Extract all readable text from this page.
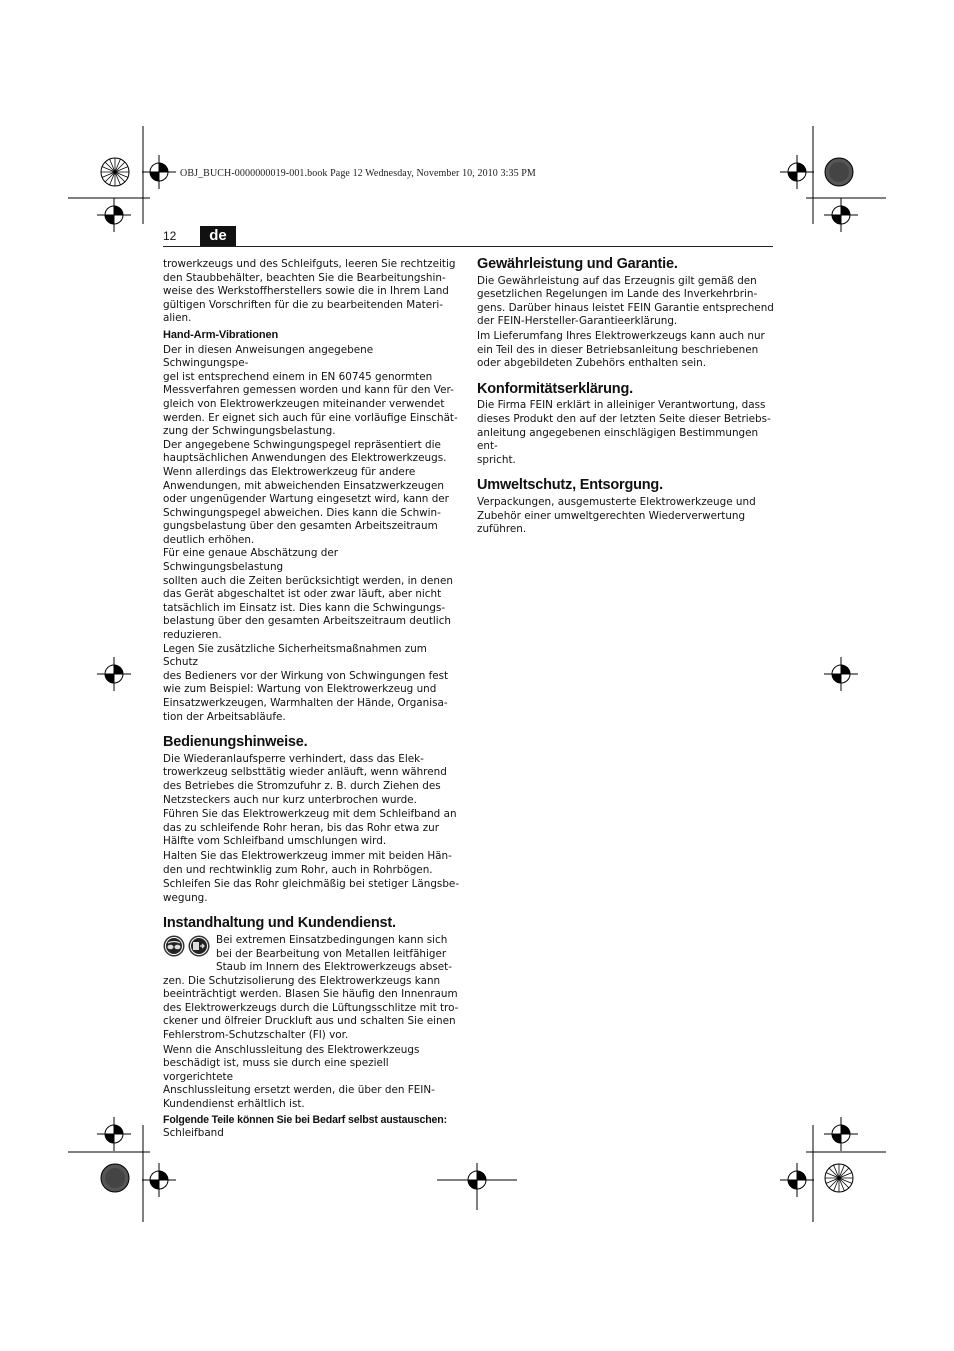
OBJ_BUCH-0000000019-001.book Page 12 Wednesday, November 10, 2010 3:35 PM
12	de

trowerkzeugs und des Schleifguts, leeren Sie rechtzeitig
den Staubbehälter, beachten Sie die Bearbeitungshin-
weise des Werkstoffherstellers sowie die in Ihrem Land
gültigen Vorschriften für die zu bearbeitenden Materi-
alien.

Hand-Arm-Vibrationen

Der in diesen Anweisungen angegebene Schwingungspe-
gel ist entsprechend einem in EN 60745 genormten
Messverfahren gemessen worden und kann für den Ver-
gleich von Elektrowerkzeugen miteinander verwendet
werden. Er eignet sich auch für eine vorläufige Einschät-
zung der Schwingungsbelastung.

Der angegebene Schwingungspegel repräsentiert die
hauptsächlichen Anwendungen des Elektrowerkzeugs.
Wenn allerdings das Elektrowerkzeug für andere
Anwendungen, mit abweichenden Einsatzwerkzeugen
oder ungenügender Wartung eingesetzt wird, kann der
Schwingungspegel abweichen. Dies kann die Schwin-
gungsbelastung über den gesamten Arbeitszeitraum
deutlich erhöhen.

Für eine genaue Abschätzung der Schwingungsbelastung
sollten auch die Zeiten berücksichtigt werden, in denen
das Gerät abgeschaltet ist oder zwar läuft, aber nicht
tatsächlich im Einsatz ist. Dies kann die Schwingungs-
belastung über den gesamten Arbeitszeitraum deutlich
reduzieren.

Legen Sie zusätzliche Sicherheitsmaßnahmen zum Schutz
des Bedieners vor der Wirkung von Schwingungen fest
wie zum Beispiel: Wartung von Elektrowerkzeug und
Einsatzwerkzeugen, Warmhalten der Hände, Organisa-
tion der Arbeitsabläufe.

Bedienungshinweise.

Die Wiederanlaufsperre verhindert, dass das Elek-
trowerkzeug selbsttätig wieder anläuft, wenn während
des Betriebes die Stromzufuhr z. B. durch Ziehen des
Netzsteckers auch nur kurz unterbrochen wurde.

Führen Sie das Elektrowerkzeug mit dem Schleifband an
das zu schleifende Rohr heran, bis das Rohr etwa zur
Hälfte vom Schleifband umschlungen wird.

Halten Sie das Elektrowerkzeug immer mit beiden Hän-
den und rechtwinklig zum Rohr, auch in Rohrbögen.

Schleifen Sie das Rohr gleichmäßig bei stetiger Längsbe-
wegung.

Instandhaltung und Kundendienst.

Bei extremen Einsatzbedingungen kann sich
bei der Bearbeitung von Metallen leitfähiger
Staub im Innern des Elektrowerkzeugs abset-

zen. Die Schutzisolierung des Elektrowerkzeugs kann
beeinträchtigt werden. Blasen Sie häufig den Innenraum
des Elektrowerkzeugs durch die Lüftungsschlitze mit tro-
ckener und ölfreier Druckluft aus und schalten Sie einen
Fehlerstrom-Schutzschalter (FI) vor.

Wenn die Anschlussleitung des Elektrowerkzeugs
beschädigt ist, muss sie durch eine speziell vorgerichtete
Anschlussleitung ersetzt werden, die über den FEIN-
Kundendienst erhältlich ist.

Folgende Teile können Sie bei Bedarf selbst austauschen:

Schleifband

Gewährleistung und Garantie.

Die Gewährleistung auf das Erzeugnis gilt gemäß den
gesetzlichen Regelungen im Lande des Inverkehrbrin-
gens. Darüber hinaus leistet FEIN Garantie entsprechend
der FEIN-Hersteller-Garantieerklärung.

Im Lieferumfang Ihres Elektrowerkzeugs kann auch nur
ein Teil des in dieser Betriebsanleitung beschriebenen
oder abgebildeten Zubehörs enthalten sein.

Konformitätserklärung.

Die Firma FEIN erklärt in alleiniger Verantwortung, dass
dieses Produkt den auf der letzten Seite dieser Betriebs-
anleitung angegebenen einschlägigen Bestimmungen ent-
spricht.

Umweltschutz, Entsorgung.

Verpackungen, ausgemusterte Elektrowerkzeuge und
Zubehör einer umweltgerechten Wiederverwertung
zuführen.
